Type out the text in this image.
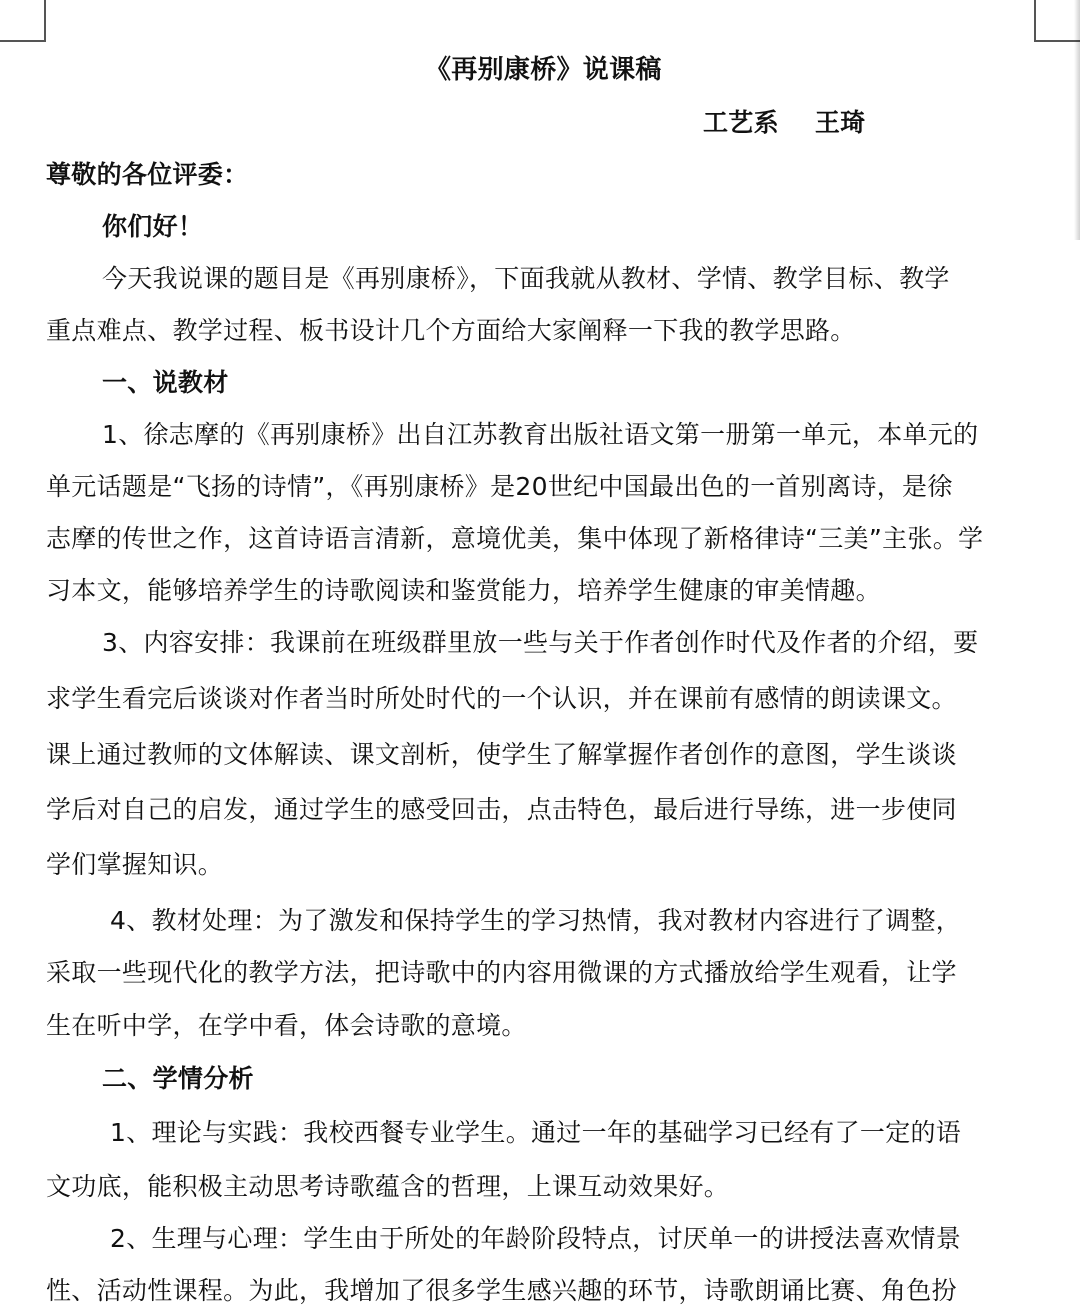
《再别康桥》说课稿
工艺系    王琦
尊敬的各位评委：
你们好！
今天我说课的题目是《再别康桥》，下面我就从教材、学情、教学目标、教学
重点难点、教学过程、板书设计几个方面给大家阐释一下我的教学思路。
一、说教材
1、徐志摩的《再别康桥》出自江苏教育出版社语文第一册第一单元，本单元的
单元话题是“飞扬的诗情”，《再别康桥》是20世纪中国最出色的一首别离诗，是徐
志摩的传世之作，这首诗语言清新，意境优美，集中体现了新格律诗“三美”主张。学
习本文，能够培养学生的诗歌阅读和鉴赏能力，培养学生健康的审美情趣。
3、内容安排：我课前在班级群里放一些与关于作者创作时代及作者的介绍，要
求学生看完后谈谈对作者当时所处时代的一个认识，并在课前有感情的朗读课文。
课上通过教师的文体解读、课文剖析，使学生了解掌握作者创作的意图，学生谈谈
学后对自己的启发，通过学生的感受回击，点击特色，最后进行导练，进一步使同
学们掌握知识。
4、教材处理：为了激发和保持学生的学习热情，我对教材内容进行了调整，
采取一些现代化的教学方法，把诗歌中的内容用微课的方式播放给学生观看，让学
生在听中学，在学中看，体会诗歌的意境。
二、学情分析
1、理论与实践：我校西餐专业学生。通过一年的基础学习已经有了一定的语
文功底，能积极主动思考诗歌蕴含的哲理，上课互动效果好。
2、生理与心理：学生由于所处的年龄阶段特点，讨厌单一的讲授法喜欢情景
性、活动性课程。为此，我增加了很多学生感兴趣的环节，诗歌朗诵比赛、角色扮
